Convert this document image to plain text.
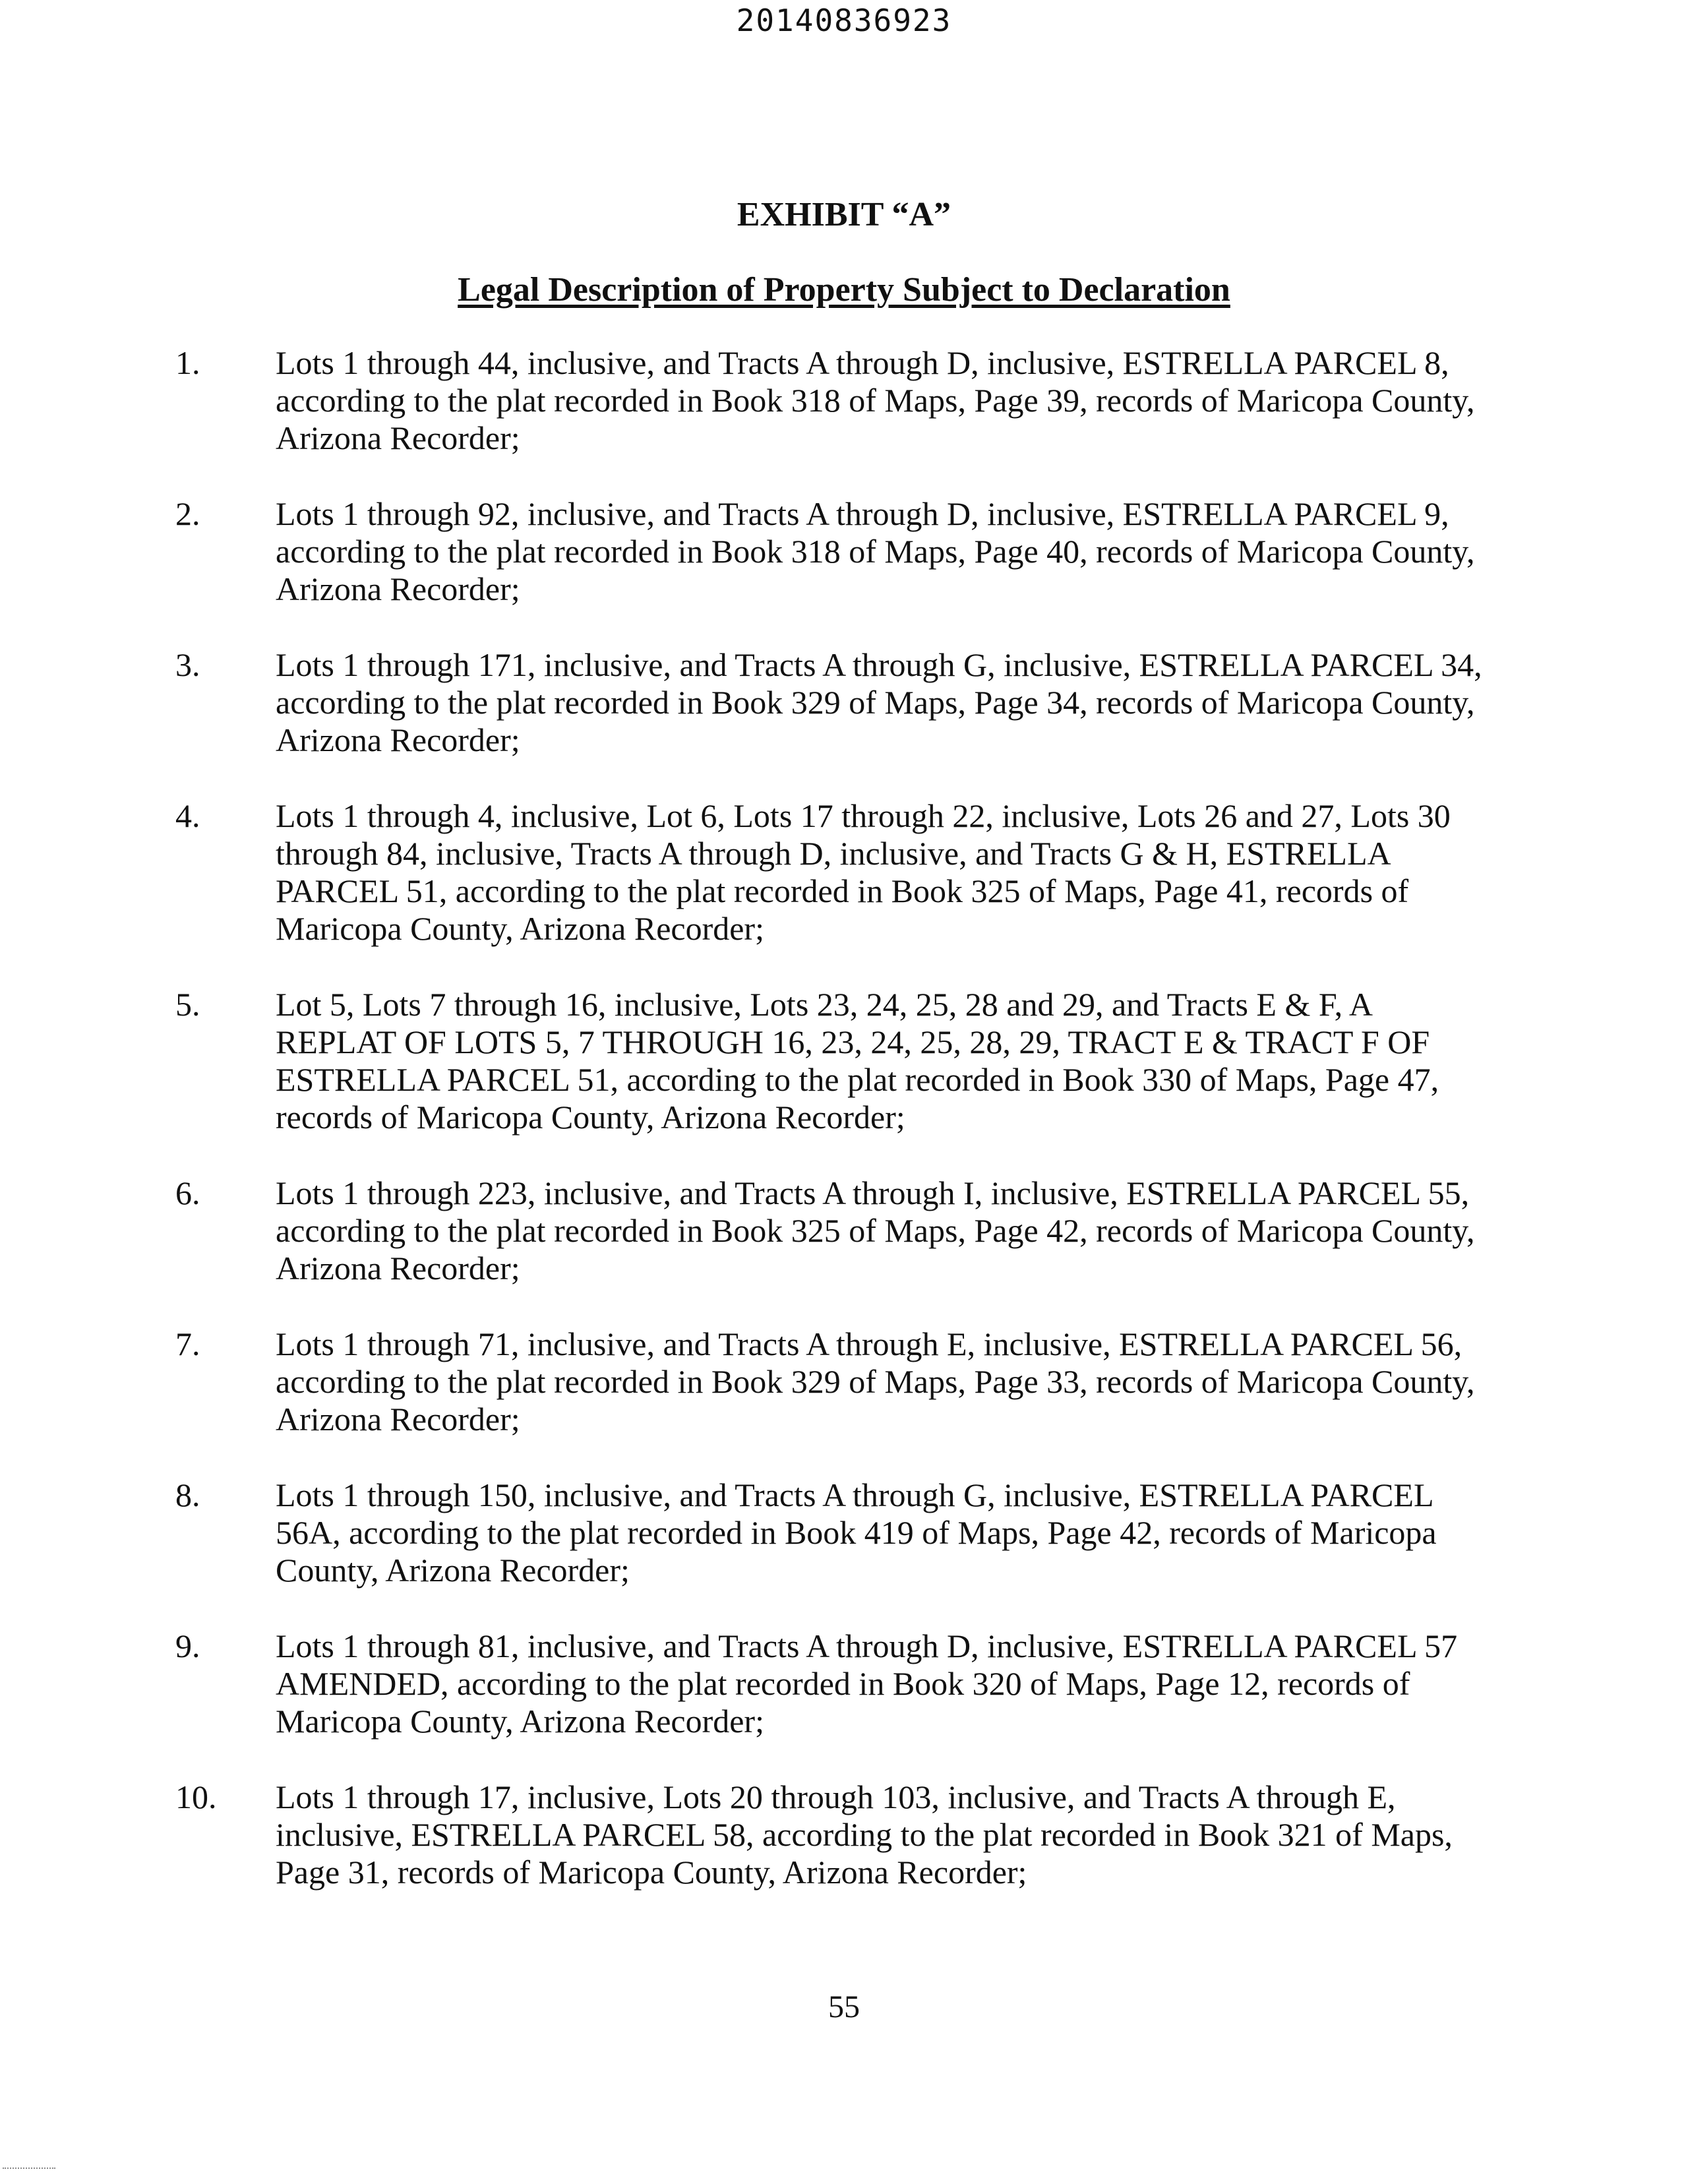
20140836923
EXHIBIT “A”
Legal Description of Property Subject to Declaration
1.	Lots 1 through 44, inclusive, and Tracts A through D, inclusive, ESTRELLA PARCEL 8, according to the plat recorded in Book 318 of Maps, Page 39, records of Maricopa County, Arizona Recorder;
2.	Lots 1 through 92, inclusive, and Tracts A through D, inclusive, ESTRELLA PARCEL 9, according to the plat recorded in Book 318 of Maps, Page 40, records of Maricopa County, Arizona Recorder;
3.	Lots 1 through 171, inclusive, and Tracts A through G, inclusive, ESTRELLA PARCEL 34, according to the plat recorded in Book 329 of Maps, Page 34, records of Maricopa County, Arizona Recorder;
4.	Lots 1 through 4, inclusive, Lot 6, Lots 17 through 22, inclusive, Lots 26 and 27, Lots 30 through 84, inclusive, Tracts A through D, inclusive, and Tracts G & H, ESTRELLA PARCEL 51, according to the plat recorded in Book 325 of Maps, Page 41, records of Maricopa County, Arizona Recorder;
5.	Lot 5, Lots 7 through 16, inclusive, Lots 23, 24, 25, 28 and 29, and Tracts E & F, A REPLAT OF LOTS 5, 7 THROUGH 16, 23, 24, 25, 28, 29, TRACT E & TRACT F OF ESTRELLA PARCEL 51, according to the plat recorded in Book 330 of Maps, Page 47, records of Maricopa County, Arizona Recorder;
6.	Lots 1 through 223, inclusive, and Tracts A through I, inclusive, ESTRELLA PARCEL 55, according to the plat recorded in Book 325 of Maps, Page 42, records of Maricopa County, Arizona Recorder;
7.	Lots 1 through 71, inclusive, and Tracts A through E, inclusive, ESTRELLA PARCEL 56, according to the plat recorded in Book 329 of Maps, Page 33, records of Maricopa County, Arizona Recorder;
8.	Lots 1 through 150, inclusive, and Tracts A through G, inclusive, ESTRELLA PARCEL 56A, according to the plat recorded in Book 419 of Maps, Page 42, records of Maricopa County, Arizona Recorder;
9.	Lots 1 through 81, inclusive, and Tracts A through D, inclusive, ESTRELLA PARCEL 57 AMENDED, according to the plat recorded in Book 320 of Maps, Page 12, records of Maricopa County, Arizona Recorder;
10.	Lots 1 through 17, inclusive, Lots 20 through 103, inclusive, and Tracts A through E, inclusive, ESTRELLA PARCEL 58, according to the plat recorded in Book 321 of Maps, Page 31, records of Maricopa County, Arizona Recorder;
55
